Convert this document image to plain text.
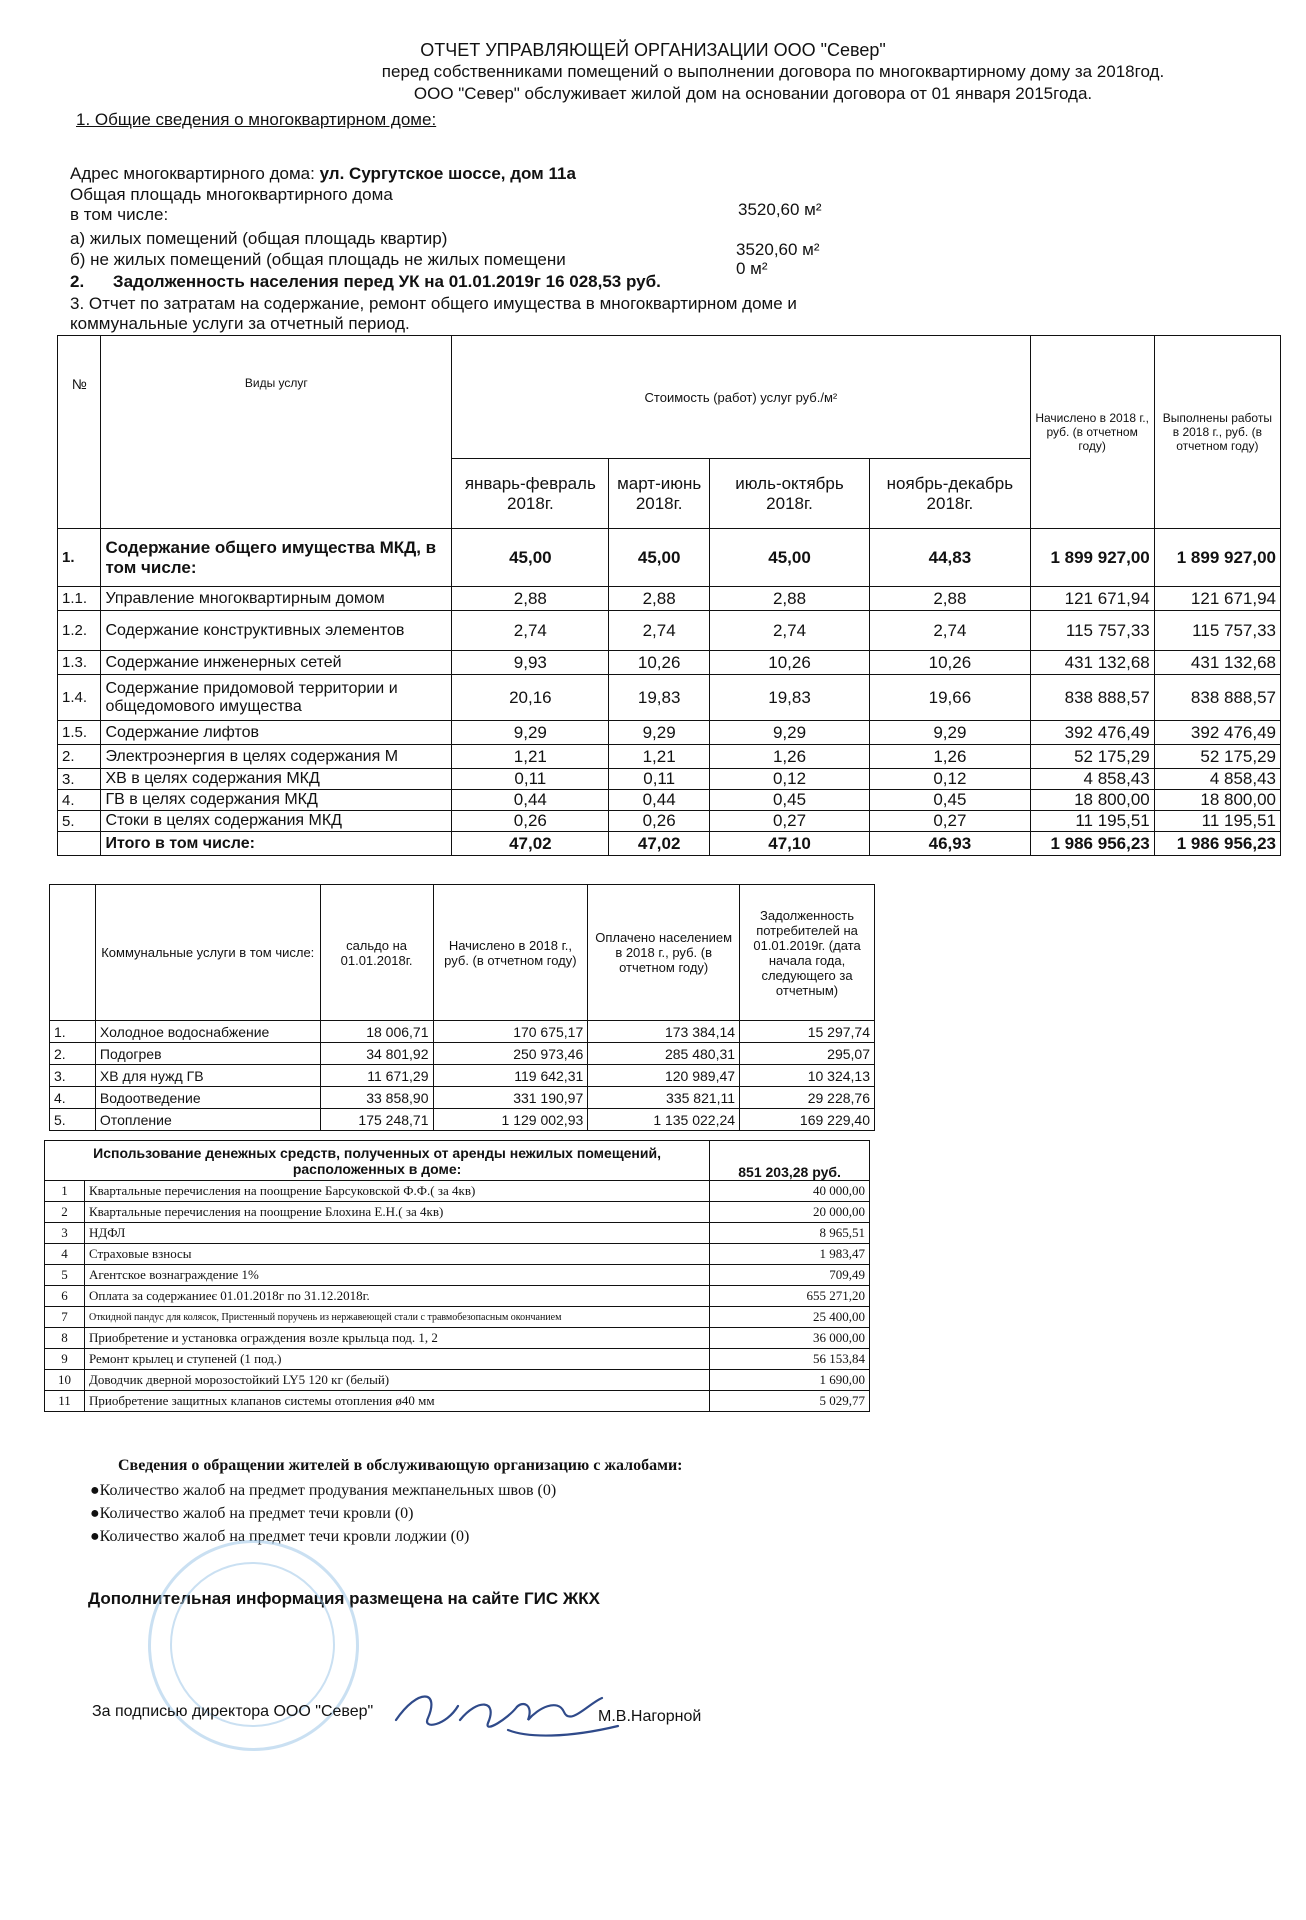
ОТЧЕТ УПРАВЛЯЮЩЕЙ ОРГАНИЗАЦИИ ООО "Север"
перед собственниками помещений о выполнении договора по многоквартирному дому за 2018год.
ООО "Север" обслуживает жилой дом на основании договора от 01 января 2015года.
1. Общие сведения о многоквартирном доме:
Адрес многоквартирного дома: ул. Сургутское шоссе, дом 11а
Общая площадь многоквартирного дома
в том числе:	3520,60 м²
а) жилых помещений (общая площадь квартир)
3520,60 м²
б) не жилых помещений (общая площадь не жилых помещени	0 м²
2. Задолженность населения перед УК на 01.01.2019г 16 028,53 руб.
3. Отчет по затратам на содержание, ремонт общего имущества в многоквартирном доме и
коммунальные услуги за отчетный период.
№	Виды услуг	Стоимость (работ) услуг руб./м²				Начислено в 2018 г., руб. (в отчетном году)	Выполнены работы в 2018 г., руб. (в отчетном году)
		январь-февраль 2018г.	март-июнь 2018г.	июль-октябрь 2018г.	ноябрь-декабрь 2018г.		
1.	Содержание общего имущества МКД, в том числе:	45,00	45,00	45,00	44,83	1 899 927,00	1 899 927,00
1.1.	Управление многоквартирным домом	2,88	2,88	2,88	2,88	121 671,94	121 671,94
1.2.	Содержание конструктивных элементов	2,74	2,74	2,74	2,74	115 757,33	115 757,33
1.3.	Содержание инженерных сетей	9,93	10,26	10,26	10,26	431 132,68	431 132,68
1.4.	Содержание придомовой территории и общедомового имущества	20,16	19,83	19,83	19,66	838 888,57	838 888,57
1.5.	Содержание лифтов	9,29	9,29	9,29	9,29	392 476,49	392 476,49
2.	Электроэнергия в целях содержания М	1,21	1,21	1,26	1,26	52 175,29	52 175,29
3.	ХВ в целях содержания МКД	0,11	0,11	0,12	0,12	4 858,43	4 858,43
4.	ГВ в целях содержания МКД	0,44	0,44	0,45	0,45	18 800,00	18 800,00
5.	Стоки в целях содержания МКД	0,26	0,26	0,27	0,27	11 195,51	11 195,51
	Итого в том числе:	47,02	47,02	47,10	46,93	1 986 956,23	1 986 956,23
	Коммунальные услуги в том числе:	сальдо на 01.01.2018г.	Начислено в 2018 г., руб. (в отчетном году)	Оплачено населением в 2018 г., руб. (в отчетном году)	Задолженность потребителей на 01.01.2019г. (дата начала года, следующего за отчетным)
1.	Холодное водоснабжение	18 006,71	170 675,17	173 384,14	15 297,74
2.	Подогрев	34 801,92	250 973,46	285 480,31	295,07
3.	ХВ для нужд ГВ	11 671,29	119 642,31	120 989,47	10 324,13
4.	Водоотведение	33 858,90	331 190,97	335 821,11	29 228,76
5.	Отопление	175 248,71	1 129 002,93	1 135 022,24	169 229,40
Использование денежных средств, полученных от аренды нежилых помещений, расположенных в доме:		851 203,28 руб.
1	Квартальные перечисления на поощрение Барсуковской Ф.Ф.( за 4кв)	40 000,00
2	Квартальные перечисления на поощрение Блохина Е.Н.( за 4кв)	20 000,00
3	НДФЛ	8 965,51
4	Страховые взносы	1 983,47
5	Агентское вознаграждение 1%	709,49
6	Оплата за содержаниеє 01.01.2018г по 31.12.2018г.	655 271,20
7	Откидной пандус для колясок, Пристенный поручень из нержавеющей стали с травмобезопасным окончанием	25 400,00
8	Приобретение и установка ограждения возле крыльца под. 1, 2	36 000,00
9	Ремонт крылец и ступеней (1 под.)	56 153,84
10	Доводчик дверной морозостойкий LY5 120 кг (белый)	1 690,00
11	Приобретение защитных клапанов системы отопления ø40 мм	5 029,77
Сведения о обращении жителей в обслуживающую организацию с жалобами:
●Количество жалоб на предмет продувания межпанельных швов (0)
●Количество жалоб на предмет течи кровли (0)
●Количество жалоб на предмет течи кровли лоджии (0)
Дополнительная информация размещена на сайте ГИС ЖКХ
За подписью директора ООО "Север"	М.В.Нагорной
